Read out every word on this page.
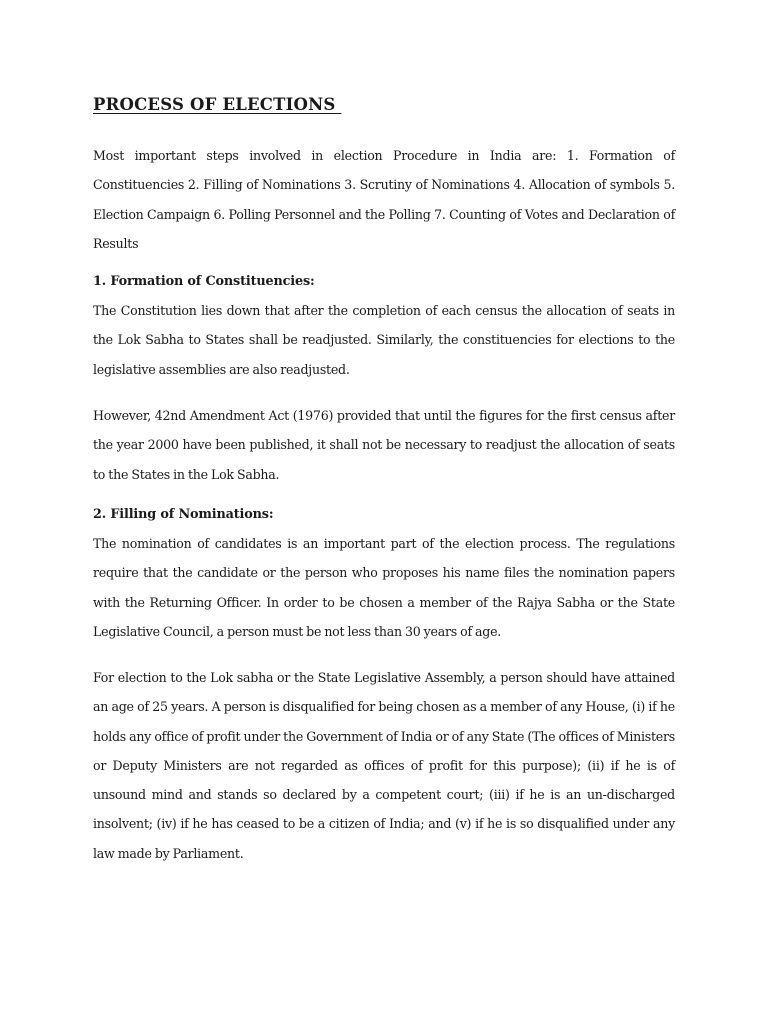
PROCESS OF ELECTIONS

Most important steps involved in election Procedure in India are: 1. Formation of Constituencies 2. Filling of Nominations 3. Scrutiny of Nominations 4. Allocation of symbols 5. Election Campaign 6. Polling Personnel and the Polling 7. Counting of Votes and Declaration of Results

1. Formation of Constituencies:

The Constitution lies down that after the completion of each census the allocation of seats in the Lok Sabha to States shall be readjusted. Similarly, the constituencies for elections to the legislative assemblies are also readjusted.

However, 42nd Amendment Act (1976) provided that until the figures for the first census after the year 2000 have been published, it shall not be necessary to readjust the allocation of seats to the States in the Lok Sabha.

2. Filling of Nominations:

The nomination of candidates is an important part of the election process. The regulations require that the candidate or the person who proposes his name files the nomination papers with the Returning Officer. In order to be chosen a member of the Rajya Sabha or the State Legislative Council, a person must be not less than 30 years of age.

For election to the Lok sabha or the State Legislative Assembly, a person should have attained an age of 25 years. A person is disqualified for being chosen as a member of any House, (i) if he holds any office of profit under the Government of India or of any State (The offices of Ministers or Deputy Ministers are not regarded as offices of profit for this purpose); (ii) if he is of unsound mind and stands so declared by a competent court; (iii) if he is an un-discharged insolvent; (iv) if he has ceased to be a citizen of India; and (v) if he is so disqualified under any law made by Parliament.
